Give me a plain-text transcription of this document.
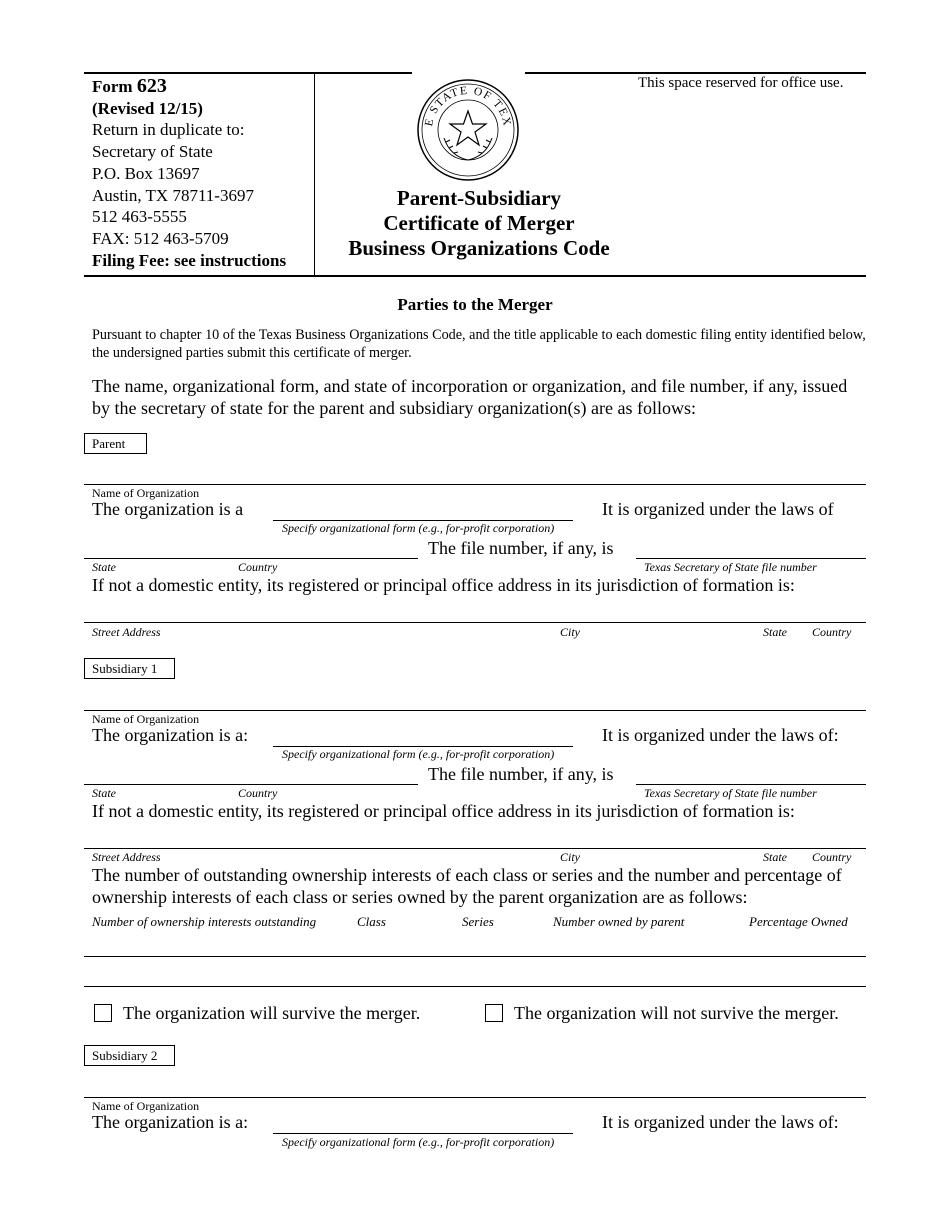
Form 623
(Revised 12/15)
Return in duplicate to:
Secretary of State
P.O. Box 13697
Austin, TX 78711-3697
512 463-5555
FAX: 512 463-5709
Filing Fee: see instructions
This space reserved for office use.
E STATE OF TEX
Parent-Subsidiary
Certificate of Merger
Business Organizations Code
Parties to the Merger
Pursuant to chapter 10 of the Texas Business Organizations Code, and the title applicable to each domestic filing entity identified below, the undersigned parties submit this certificate of merger.
The name, organizational form, and state of incorporation or organization, and file number, if any, issued by the secretary of state for the parent and subsidiary organization(s) are as follows:
Parent
Name of Organization
The organization is a
Specify organizational form (e.g., for-profit corporation)
It is organized under the laws of
The file number, if any, is
State	Country	Texas Secretary of State file number
If not a domestic entity, its registered or principal office address in its jurisdiction of formation is:
Street Address	City	State Country
Subsidiary 1
Name of Organization
The organization is a:
Specify organizational form (e.g., for-profit corporation)
It is organized under the laws of:
The file number, if any, is
State	Country	Texas Secretary of State file number
If not a domestic entity, its registered or principal office address in its jurisdiction of formation is:
Street Address	City	State Country
The number of outstanding ownership interests of each class or series and the number and percentage of ownership interests of each class or series owned by the parent organization are as follows:
Number of ownership interests outstanding	Class	Series	Number owned by parent	Percentage Owned
The organization will survive the merger.	The organization will not survive the merger.
Subsidiary 2
Name of Organization
The organization is a:
Specify organizational form (e.g., for-profit corporation)
It is organized under the laws of:
